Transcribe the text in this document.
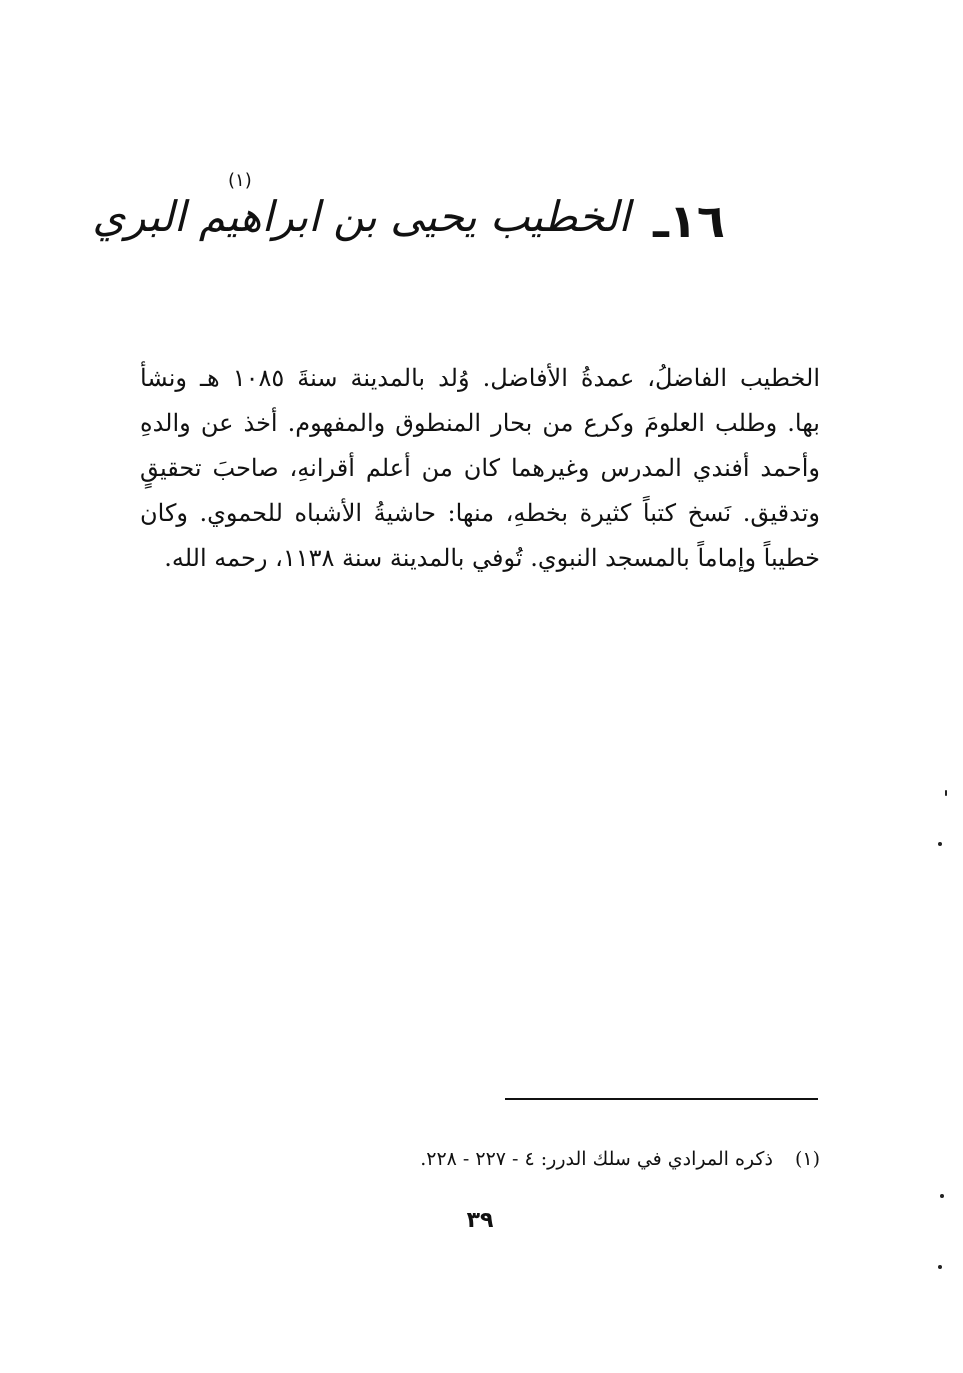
١٦ـ
الخطيب يحيى بن ابراهيم البري
(١)
الخطيب الفاضلُ، عمدةُ الأفاضل. وُلد بالمدينة سنةَ ١٠٨٥ هـ ونشأ
بها. وطلب العلومَ وكرع من بحار المنطوق والمفهوم. أخذ عن والدهِ
وأحمد أفندي المدرس وغيرهما كان من أعلم أقرانهِ، صاحبَ تحقيقٍ
وتدقيق. نَسخ كتباً كثيرة بخطهِ، منها: حاشيةُ الأشباه للحموي. وكان
خطيباً وإماماً بالمسجد النبوي. تُوفي بالمدينة سنة ١١٣٨، رحمه الله.
(١)ذكره المرادي في سلك الدرر: ٤ - ٢٢٧ - ٢٢٨.
٣٩
